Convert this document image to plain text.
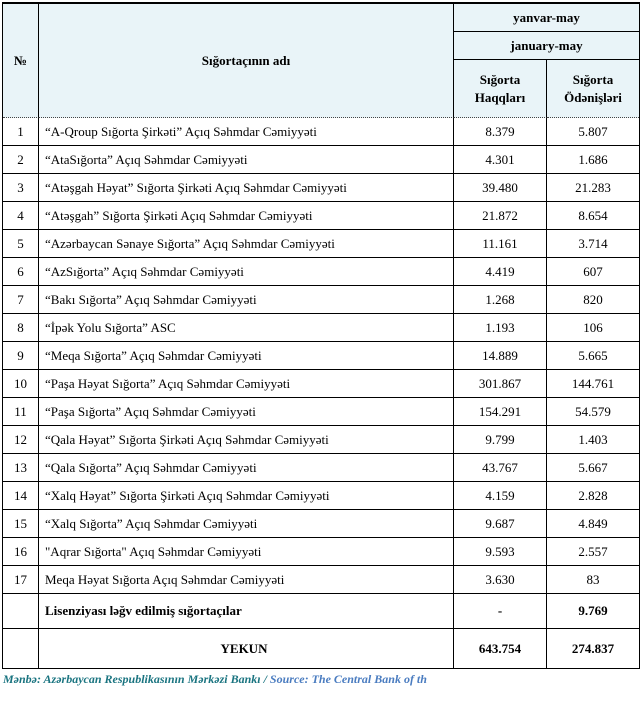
№	Sığortaçının adı	yanvar-may	
		january-may	
		Sığorta Haqqları	Sığorta Ödənişləri
1	“A-Qroup Sığorta Şirkəti” Açıq Səhmdar Cəmiyyəti	8.379	5.807
2	“AtaSığorta” Açıq Səhmdar Cəmiyyəti	4.301	1.686
3	“Atəşgah Həyat” Sığorta Şirkəti Açıq Səhmdar Cəmiyyəti	39.480	21.283
4	“Atəşgah” Sığorta Şirkəti Açıq Səhmdar Cəmiyyəti	21.872	8.654
5	“Azərbaycan Sənaye Sığorta” Açıq Səhmdar Cəmiyyəti	11.161	3.714
6	“AzSığorta” Açıq Səhmdar Cəmiyyəti	4.419	607
7	“Bakı Sığorta” Açıq Səhmdar Cəmiyyəti	1.268	820
8	“İpək Yolu Sığorta” ASC	1.193	106
9	“Meqa Sığorta” Açıq Səhmdar Cəmiyyəti	14.889	5.665
10	“Paşa Həyat Sığorta” Açıq Səhmdar Cəmiyyəti	301.867	144.761
11	“Paşa Sığorta” Açıq Səhmdar Cəmiyyəti	154.291	54.579
12	“Qala Həyat” Sığorta Şirkəti Açıq Səhmdar Cəmiyyəti	9.799	1.403
13	“Qala Sığorta” Açıq Səhmdar Cəmiyyəti	43.767	5.667
14	“Xalq Həyat” Sığorta Şirkəti Açıq Səhmdar Cəmiyyəti	4.159	2.828
15	“Xalq Sığorta” Açıq Səhmdar Cəmiyyəti	9.687	4.849
16	"Aqrar Sığorta" Açıq Səhmdar Cəmiyyəti	9.593	2.557
17	Meqa Həyat Sığorta Açıq Səhmdar Cəmiyyəti	3.630	83
	Lisenziyası ləğv edilmiş sığortaçılar	-	9.769
	YEKUN	643.754	274.837
Mənbə: Azərbaycan Respublikasının Mərkəzi Bankı / Source: The Central Bank of th
